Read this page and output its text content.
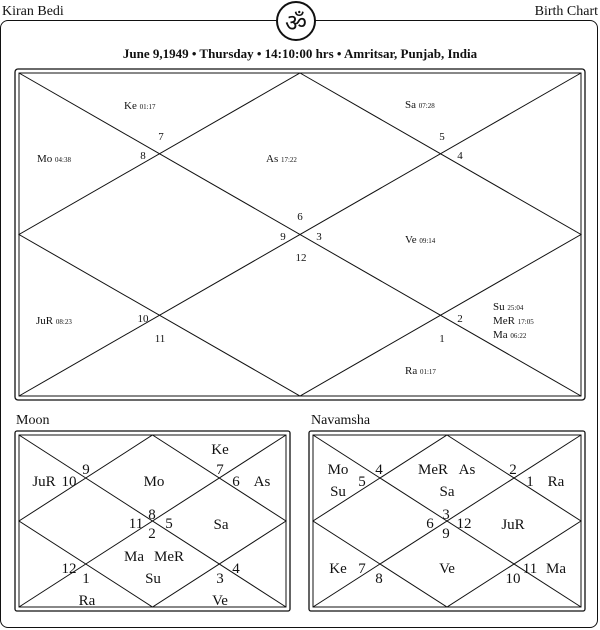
Kiran Bedi	Birth Chart
ॐ
June 9,1949 • Thursday • 14:10:00 hrs • Amritsar, Punjab, India
6
5
4
3
2
1
12
11
10
9
8
7
Ke 01:17	Sa 07:28
Mo 04:38	As 17:22
Ve 09:14
JuR 08:23
Su 25:04
MeR 17:05
Ma 06:22
Ra 01:17
Moon	Navamsha
8
7
6
5
4
3
2
1
12
11
10
9
Ke
JuR	Mo	As
Sa
Ma MeR
Su
Ra	Ve
3
2
1
12
11
10
9
8
7
6
5
4
Mo
Su
MeR As
Sa
Ra
JuR
Ke	Ve	Ma
